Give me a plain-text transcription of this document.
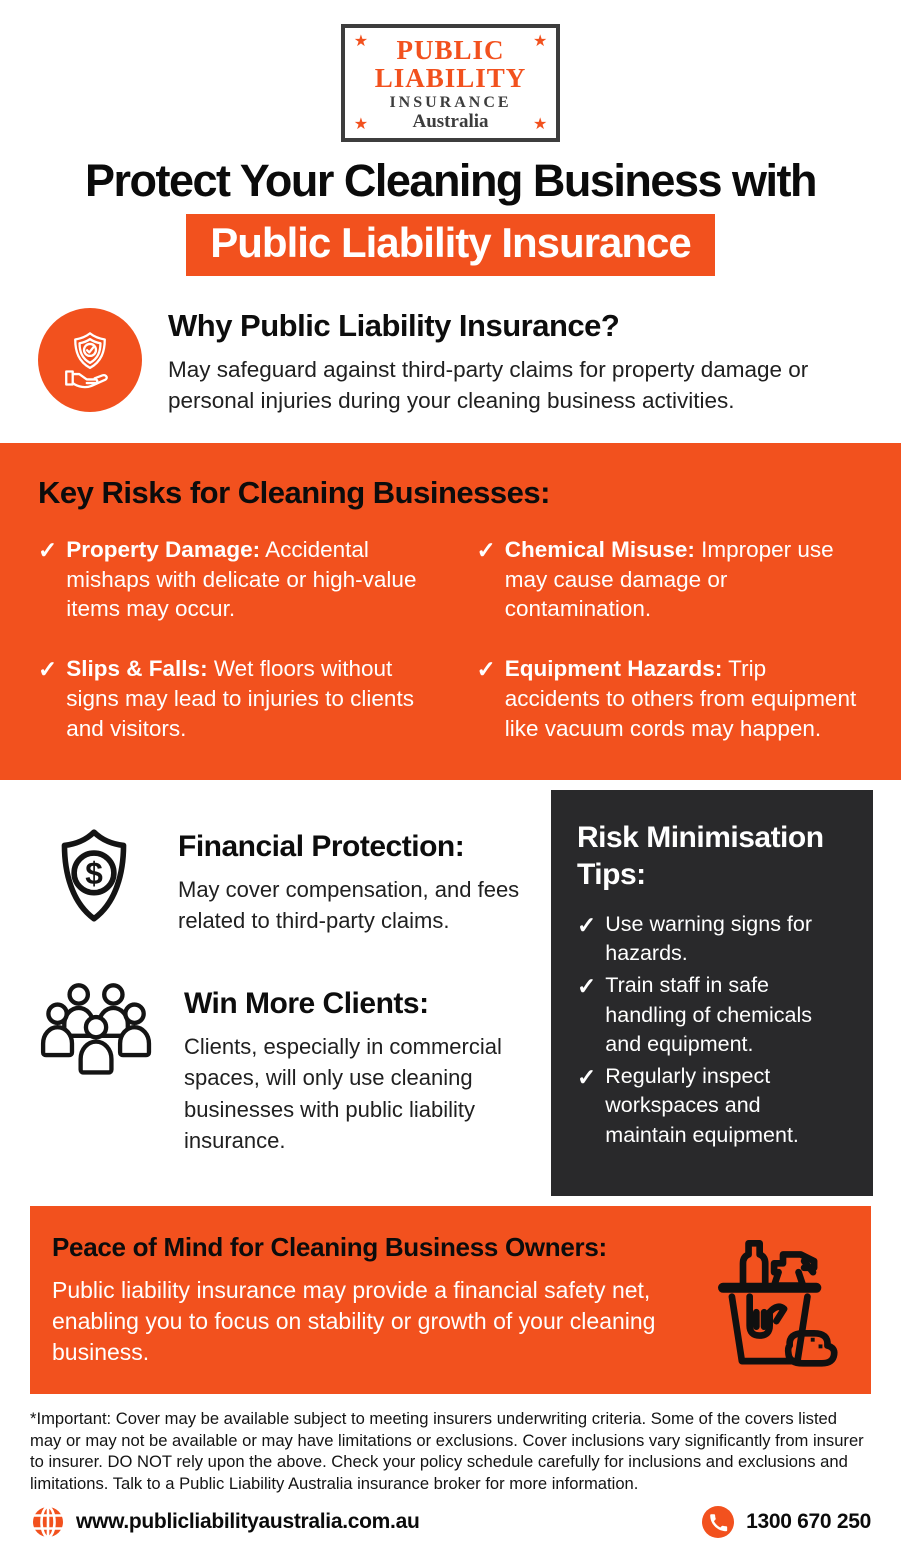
★	★
★	★
PUBLIC
LIABILITY
INSURANCE
Australia
Protect Your Cleaning Business with
Public Liability Insurance
Why Public Liability Insurance?

May safeguard against third-party claims for property damage or personal injuries during your cleaning business activities.

Key Risks for Cleaning Businesses:
✓ Property Damage: Accidental mishaps with delicate or high-value items may occur.
✓ Chemical Misuse: Improper use may cause damage or contamination.
✓ Slips & Falls: Wet floors without signs may lead to injuries to clients and visitors.
✓ Equipment Hazards: Trip accidents to others from equipment like vacuum cords may happen.
$
Financial Protection:

May cover compensation, and fees related to third-party claims.

Win More Clients:

Clients, especially in commercial spaces, will only use cleaning businesses with public liability insurance.

Risk Minimisation Tips:
✓ Use warning signs for hazards.
✓ Train staff in safe handling of chemicals and equipment.
✓ Regularly inspect workspaces and maintain equipment.
Peace of Mind for Cleaning Business Owners:

Public liability insurance may provide a financial safety net, enabling you to focus on stability or growth of your cleaning business.

*Important: Cover may be available subject to meeting insurers underwriting criteria. Some of the covers listed may or may not be available or may have limitations or exclusions. Cover inclusions vary significantly from insurer to insurer. DO NOT rely upon the above. Check your policy schedule carefully for inclusions and exclusions and limitations. Talk to a Public Liability Australia insurance broker for more information.

www.publicliabilityaustralia.com.au	1300 670 250
